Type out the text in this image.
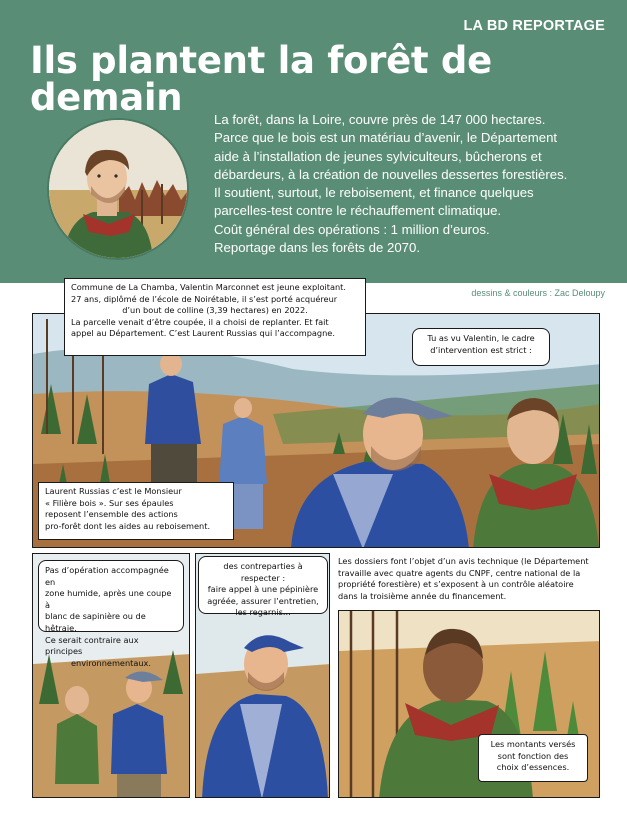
LA BD REPORTAGE
Ils plantent la forêt de demain

La forêt, dans la Loire, couvre près de 147 000 hectares.

Parce que le bois est un matériau d’avenir, le Département

aide à l’installation de jeunes sylviculteurs, bûcherons et

débardeurs, à la création de nouvelles dessertes forestières.

Il soutient, surtout, le reboisement, et finance quelques

parcelles-test contre le réchauffement climatique.

Coût général des opérations : 1 million d’euros.

Reportage dans les forêts de 2070.

dessins & couleurs : Zac Deloupy
Commune de La Chamba, Valentin Marconnet est jeune exploitant.
27 ans, diplômé de l’école de Noirétable, il s’est porté acquéreur
d’un bout de colline (3,39 hectares) en 2022.
La parcelle venait d’être coupée, il a choisi de replanter. Et fait
appel au Département. C’est Laurent Russias qui l’accompagne.	Tu as vu Valentin, le cadre
d’intervention est strict :
Laurent Russias c’est le Monsieur
« Filière bois ». Sur ses épaules
reposent l’ensemble des actions
pro-forêt dont les aides au reboisement.
Pas d’opération accompagnée en
zone humide, après une coupe à
blanc de sapinière ou de hêtraie.
Ce serait contraire aux principes
environnementaux.
des contreparties à respecter :
faire appel à une pépinière
agréée, assurer l’entretien,
les regarnis...
Les dossiers font l’objet d’un avis technique (le Département
travaille avec quatre agents du CNPF, centre national de la
propriété forestière) et s’exposent à un contrôle aléatoire
dans la troisième année du financement.
Les montants versés
sont fonction des
choix d’essences.
